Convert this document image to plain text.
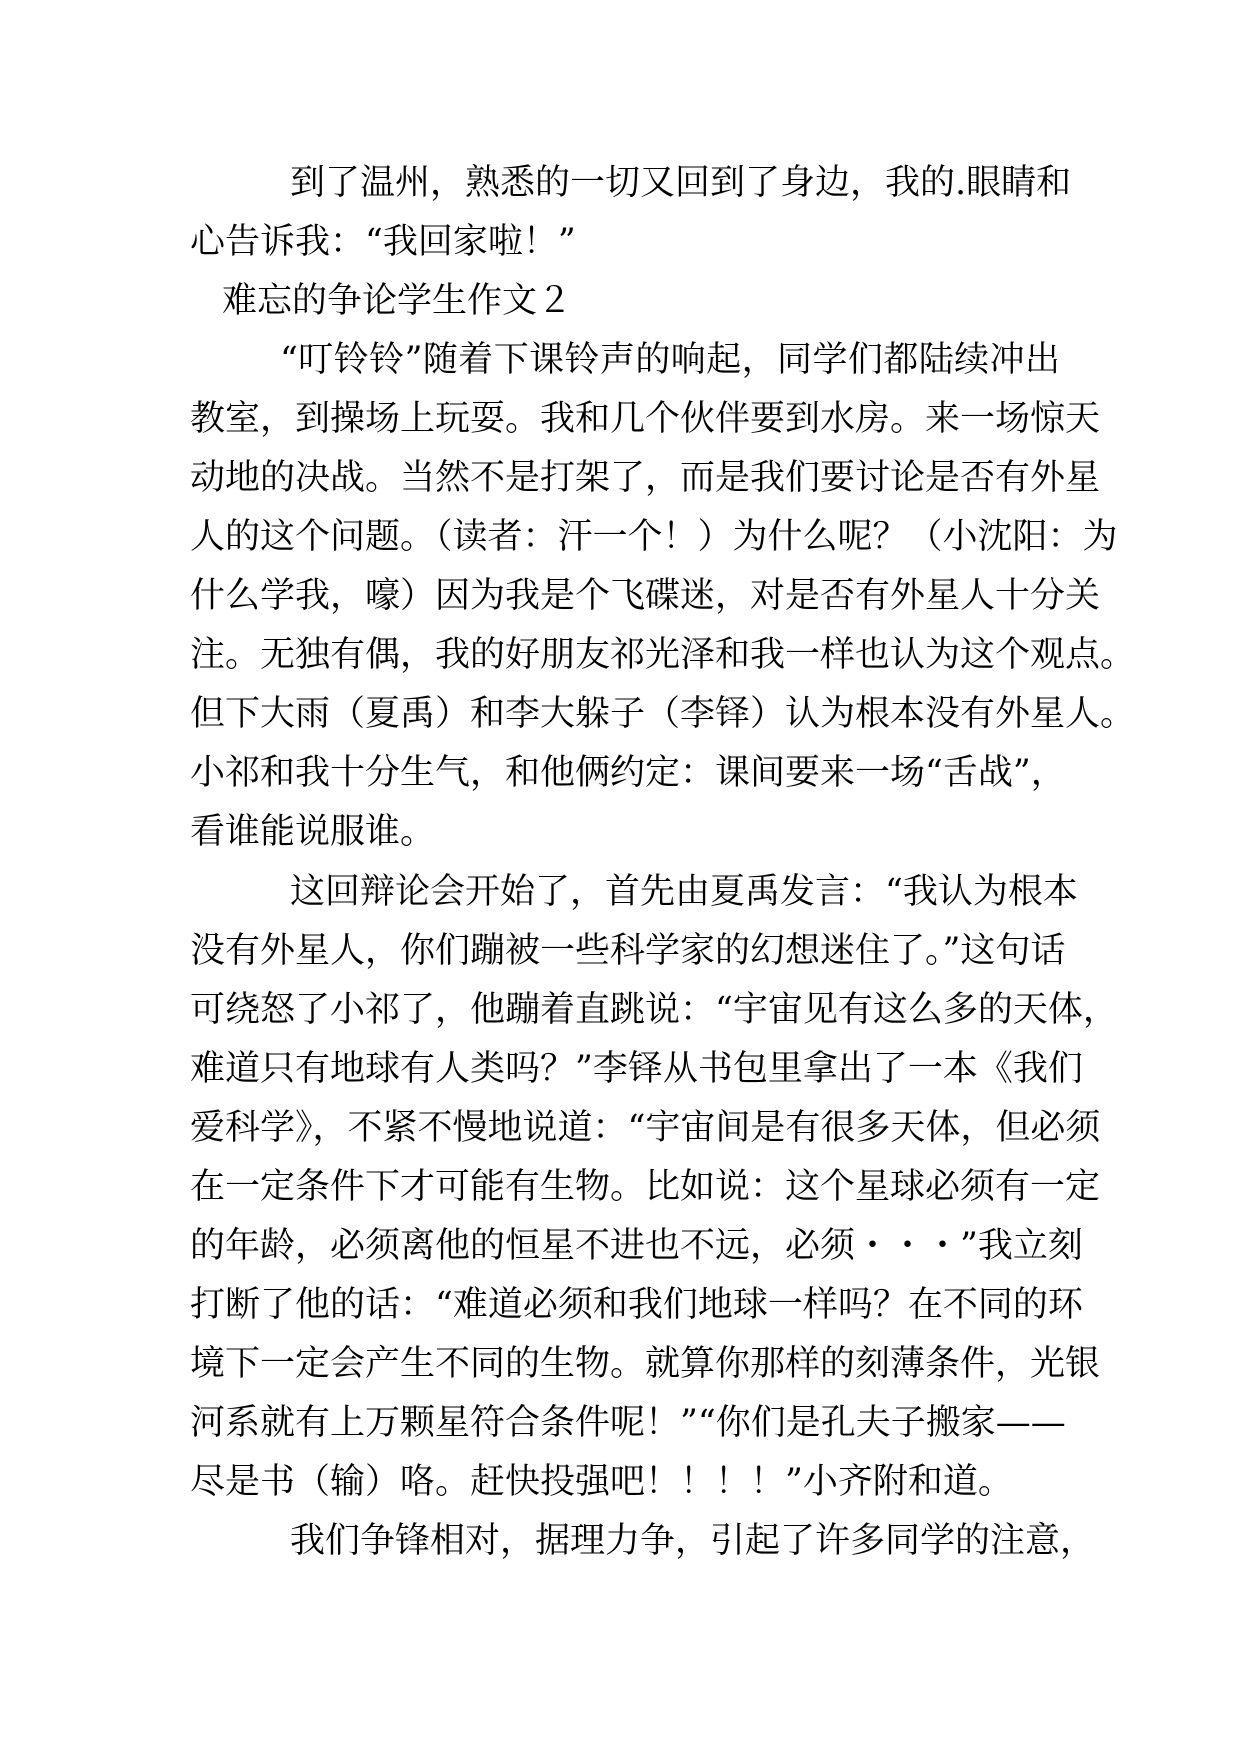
到了温州，熟悉的一切又回到了身边，我的.眼睛和

心告诉我：“我回家啦！”

难忘的争论学生作文２

“叮铃铃”随着下课铃声的响起，同学们都陆续冲出

教室，到操场上玩耍。我和几个伙伴要到水房。来一场惊天

动地的决战。当然不是打架了，而是我们要讨论是否有外星

人的这个问题。（读者：汗一个！）为什么呢？（小沈阳：为

什么学我，嚎）因为我是个飞碟迷，对是否有外星人十分关

注。无独有偶，我的好朋友祁光泽和我一样也认为这个观点。

但下大雨（夏禹）和李大躲子（李铎）认为根本没有外星人。

小祁和我十分生气，和他俩约定：课间要来一场“舌战”，

看谁能说服谁。

这回辩论会开始了，首先由夏禹发言：“我认为根本

没有外星人，你们蹦被一些科学家的幻想迷住了。”这句话

可绕怒了小祁了，他蹦着直跳说：“宇宙见有这么多的天体，

难道只有地球有人类吗？”李铎从书包里拿出了一本《我们

爱科学》，不紧不慢地说道：“宇宙间是有很多天体，但必须

在一定条件下才可能有生物。比如说：这个星球必须有一定

的年龄，必须离他的恒星不进也不远，必须・・・”我立刻

打断了他的话：“难道必须和我们地球一样吗？在不同的环

境下一定会产生不同的生物。就算你那样的刻薄条件，光银

河系就有上万颗星符合条件呢！”“你们是孔夫子搬家——

尽是书（输）咯。赶快投强吧！！！！”小齐附和道。

我们争锋相对，据理力争，引起了许多同学的注意，
